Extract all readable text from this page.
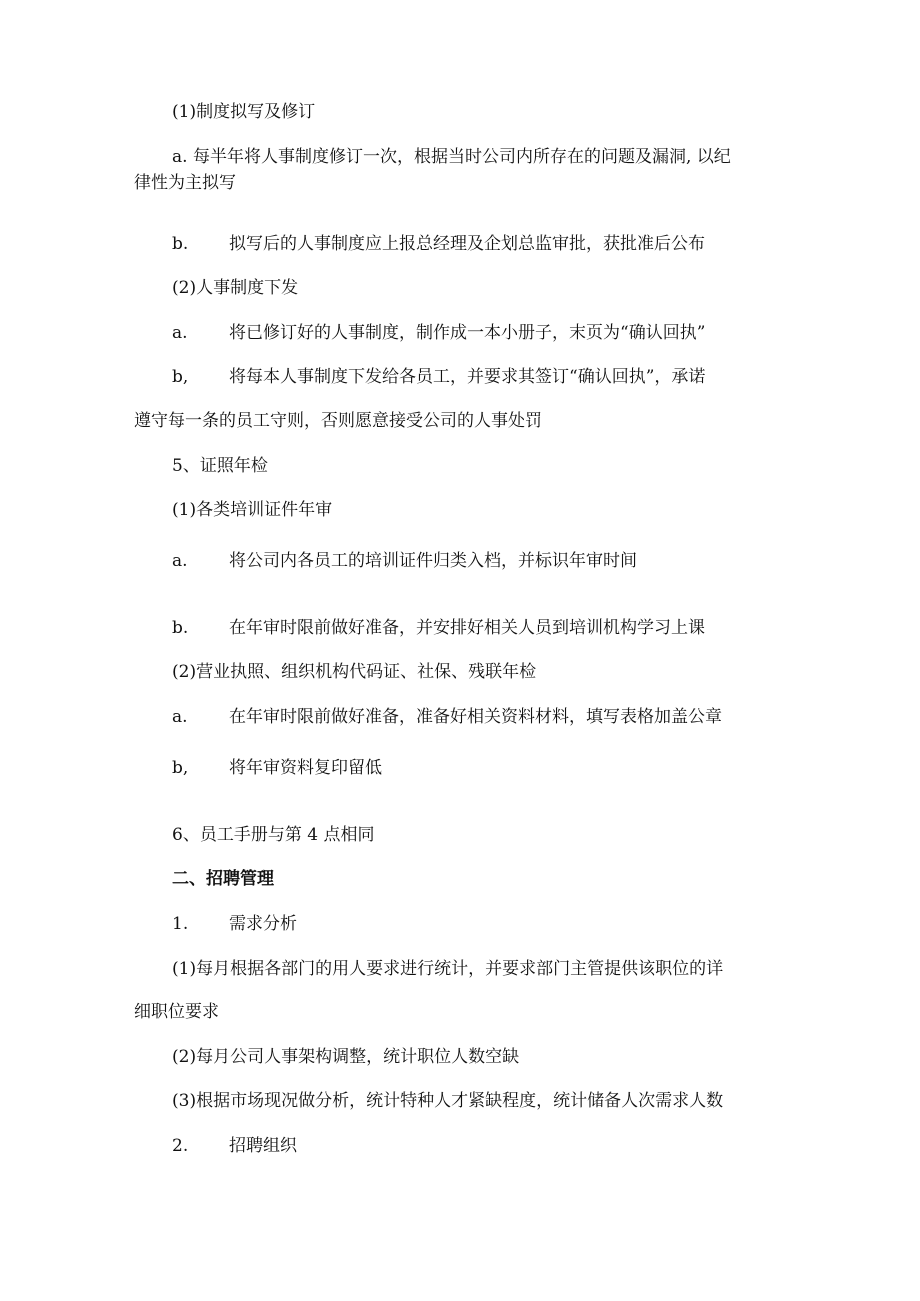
(1)制度拟写及修订
a. 每半年将人事制度修订一次，根据当时公司内所存在的问题及漏洞, 以纪
律性为主拟写
b. 拟写后的人事制度应上报总经理及企划总监审批，获批准后公布
(2)人事制度下发
a. 将已修订好的人事制度，制作成一本小册子，末页为“确认回执”
b, 将每本人事制度下发给各员工，并要求其签订“确认回执”，承诺
遵守每一条的员工守则，否则愿意接受公司的人事处罚
5、证照年检
(1)各类培训证件年审
a. 将公司内各员工的培训证件归类入档，并标识年审时间
b. 在年审时限前做好准备，并安排好相关人员到培训机构学习上课
(2)营业执照、组织机构代码证、社保、残联年检
a. 在年审时限前做好准备，准备好相关资料材料，填写表格加盖公章
b, 将年审资料复印留低
6、员工手册与第 4 点相同
二、招聘管理
1. 需求分析
(1)每月根据各部门的用人要求进行统计，并要求部门主管提供该职位的详
细职位要求
(2)每月公司人事架构调整，统计职位人数空缺
(3)根据市场现况做分析，统计特种人才紧缺程度，统计储备人次需求人数
2. 招聘组织
